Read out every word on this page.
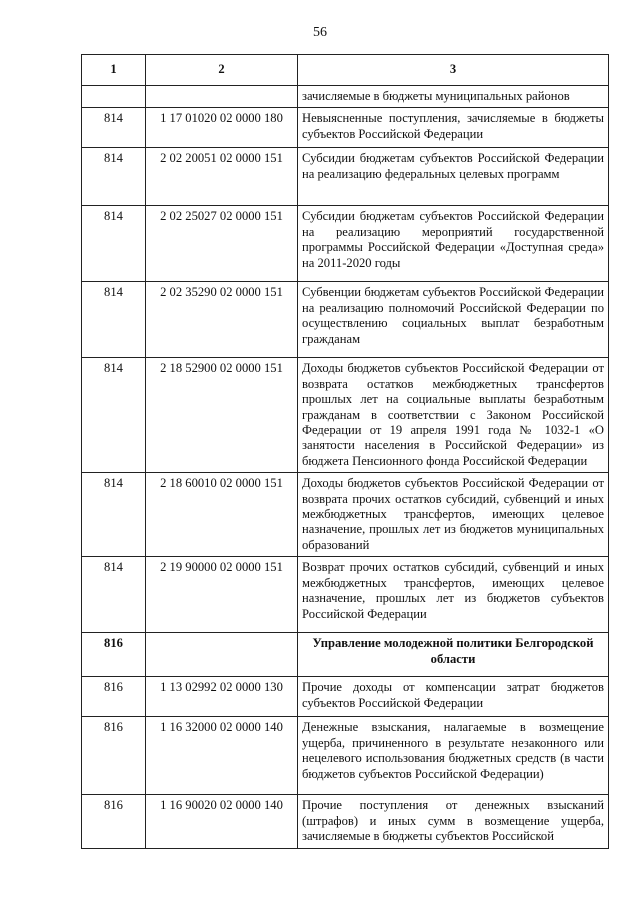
56
1	2	3
		зачисляемые в бюджеты муниципальных районов
814	1 17 01020 02 0000 180	Невыясненные поступления, зачисляемые в бюджеты субъектов Российской Федерации
814	2 02 20051 02 0000 151	Субсидии бюджетам субъектов Российской Федерации на реализацию федеральных целевых программ
814	2 02 25027 02 0000 151	Субсидии бюджетам субъектов Российской Федерации на реализацию мероприятий государственной программы Российской Федерации «Доступная среда» на 2011-2020 годы
814	2 02 35290 02 0000 151	Субвенции бюджетам субъектов Российской Федерации на реализацию полномочий Российской Федерации по осуществлению социальных выплат безработным гражданам
814	2 18 52900 02 0000 151	Доходы бюджетов субъектов Российской Федерации от возврата остатков межбюджетных трансфертов прошлых лет на социальные выплаты безработным гражданам в соответствии с Законом Российской Федерации от 19 апреля 1991 года № 1032-1 «О занятости населения в Российской Федерации» из бюджета Пенсионного фонда Российской Федерации
814	2 18 60010 02 0000 151	Доходы бюджетов субъектов Российской Федерации от возврата прочих остатков субсидий, субвенций и иных межбюджетных трансфертов, имеющих целевое назначение, прошлых лет из бюджетов муниципальных образований
814	2 19 90000 02 0000 151	Возврат прочих остатков субсидий, субвенций и иных межбюджетных трансфертов, имеющих целевое назначение, прошлых лет из бюджетов субъектов Российской Федерации
816		Управление молодежной политики Белгородской области
816	1 13 02992 02 0000 130	Прочие доходы от компенсации затрат бюджетов субъектов Российской Федерации
816	1 16 32000 02 0000 140	Денежные взыскания, налагаемые в возмещение ущерба, причиненного в результате незаконного или нецелевого использования бюджетных средств (в части бюджетов субъектов Российской Федерации)
816	1 16 90020 02 0000 140	Прочие поступления от денежных взысканий (штрафов) и иных сумм в возмещение ущерба, зачисляемые в бюджеты субъектов Российской
